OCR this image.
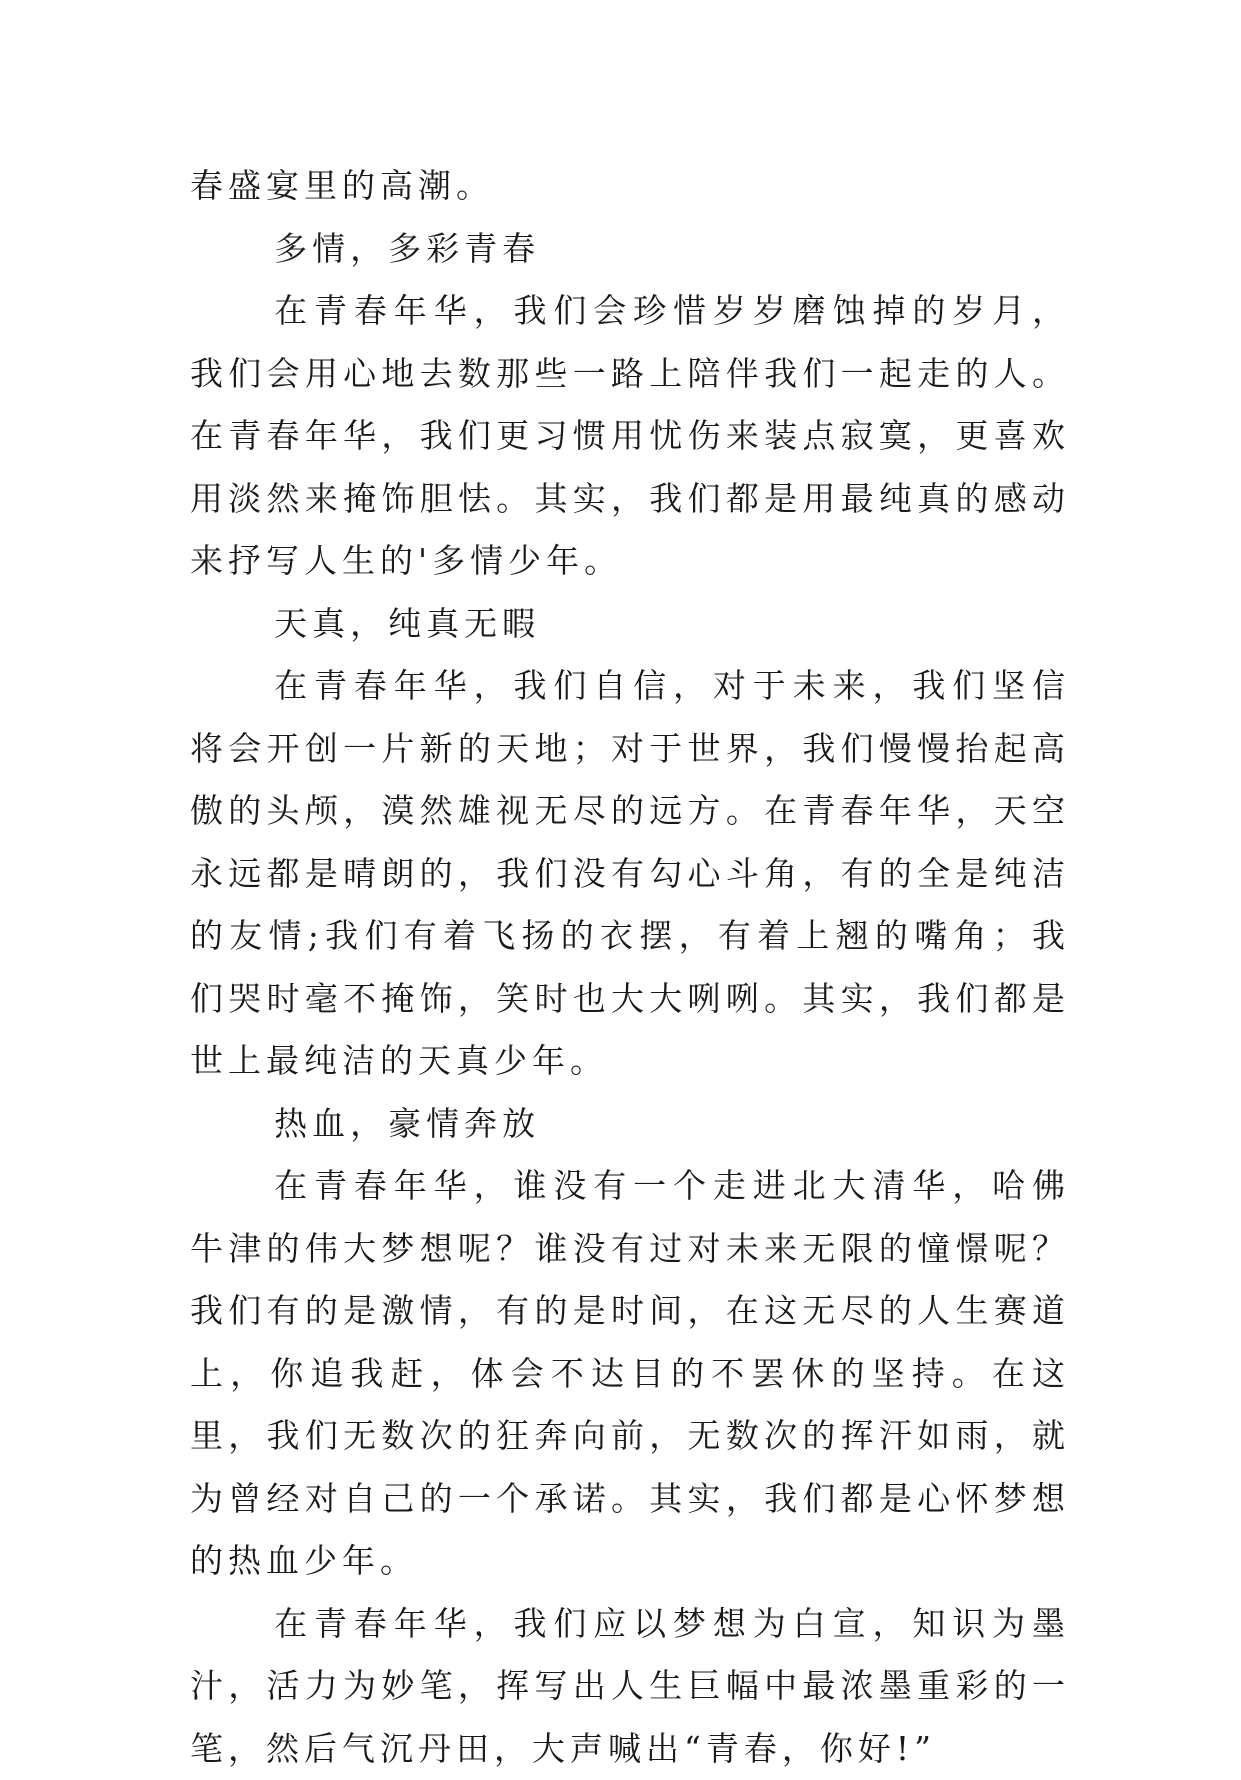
春盛宴里的高潮。

多情，多彩青春

在青春年华，我们会珍惜岁岁磨蚀掉的岁月，我们会用心地去数那些一路上陪伴我们一起走的人。在青春年华，我们更习惯用忧伤来装点寂寞，更喜欢用淡然来掩饰胆怯。其实，我们都是用最纯真的感动来抒写人生的'多情少年。

天真，纯真无暇

在青春年华，我们自信，对于未来，我们坚信将会开创一片新的天地；对于世界，我们慢慢抬起高傲的头颅，漠然雄视无尽的远方。在青春年华，天空永远都是晴朗的，我们没有勾心斗角，有的全是纯洁的友情;我们有着飞扬的衣摆，有着上翘的嘴角；我们哭时毫不掩饰，笑时也大大咧咧。其实，我们都是世上最纯洁的天真少年。

热血，豪情奔放

在青春年华，谁没有一个走进北大清华，哈佛牛津的伟大梦想呢？谁没有过对未来无限的憧憬呢？我们有的是激情，有的是时间，在这无尽的人生赛道上，你追我赶，体会不达目的不罢休的坚持。在这里，我们无数次的狂奔向前，无数次的挥汗如雨，就为曾经对自己的一个承诺。其实，我们都是心怀梦想的热血少年。

在青春年华，我们应以梦想为白宣，知识为墨汁，活力为妙笔，挥写出人生巨幅中最浓墨重彩的一笔，然后气沉丹田，大声喊出“青春，你好!”
